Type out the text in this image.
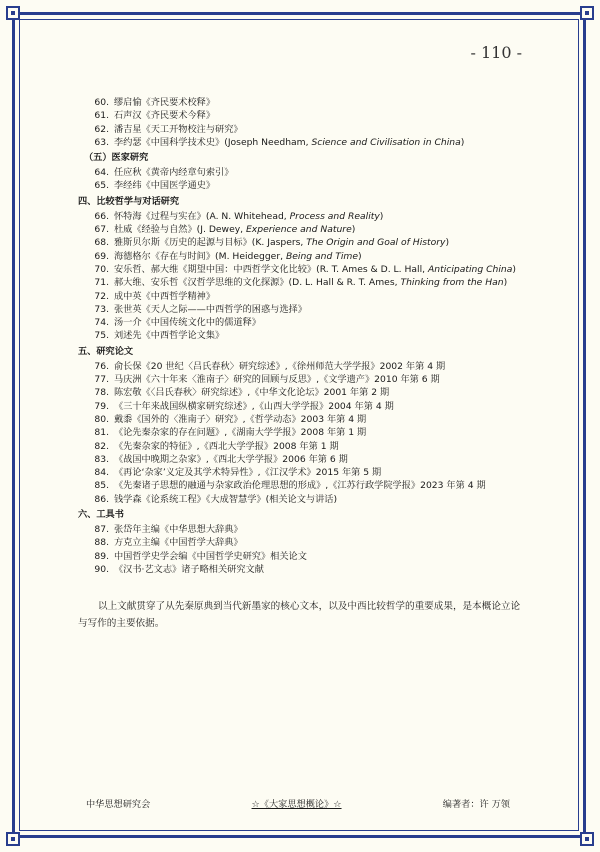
- 110 -
60. 缪启愉《齐民要术校释》
61. 石声汉《齐民要术今释》
62. 潘吉星《天工开物校注与研究》
63. 李约瑟《中国科学技术史》(Joseph Needham, Science and Civilisation in China)
（五）医家研究
64. 任应秋《黄帝内经章句索引》
65. 李经纬《中国医学通史》
四、比较哲学与对话研究
66. 怀特海《过程与实在》(A. N. Whitehead, Process and Reality)
67. 杜威《经验与自然》(J. Dewey, Experience and Nature)
68. 雅斯贝尔斯《历史的起源与目标》(K. Jaspers, The Origin and Goal of History)
69. 海德格尔《存在与时间》(M. Heidegger, Being and Time)
70. 安乐哲、郝大维《期望中国：中西哲学文化比较》(R. T. Ames & D. L. Hall, Anticipating China)
71. 郝大维、安乐哲《汉哲学思维的文化探源》(D. L. Hall & R. T. Ames, Thinking from the Han)
72. 成中英《中西哲学精神》
73. 张世英《天人之际——中西哲学的困惑与选择》
74. 汤一介《中国传统文化中的儒道释》
75. 刘述先《中西哲学论文集》
五、研究论文
76. 俞长保《20 世纪〈吕氏春秋〉研究综述》,《徐州师范大学学报》2002 年第 4 期
77. 马庆洲《六十年来〈淮南子〉研究的回顾与反思》,《文学遗产》2010 年第 6 期
78. 陈宏敬《〈吕氏春秋〉研究综述》,《中华文化论坛》2001 年第 2 期
79. 《三十年来战国纵横家研究综述》,《山西大学学报》2004 年第 4 期
80. 戴黍《国外的〈淮南子〉研究》,《哲学动态》2003 年第 4 期
81. 《论先秦杂家的存在问题》,《湖南大学学报》2008 年第 1 期
82. 《先秦杂家的特征》,《西北大学学报》2008 年第 1 期
83. 《战国中晚期之杂家》,《西北大学学报》2006 年第 6 期
84. 《再论‘杂家’义定及其学术特异性》,《江汉学术》2015 年第 5 期
85. 《先秦诸子思想的融通与杂家政治伦理思想的形成》,《江苏行政学院学报》2023 年第 4 期
86. 钱学森《论系统工程》《大成智慧学》(相关论文与讲话)
六、工具书
87. 张岱年主编《中华思想大辞典》
88. 方克立主编《中国哲学大辞典》
89. 中国哲学史学会编《中国哲学史研究》相关论文
90. 《汉书·艺文志》诸子略相关研究文献
以上文献贯穿了从先秦原典到当代新墨家的核心文本，以及中西比较哲学的重要成果，是本概论立论与写作的主要依据。
中华思想研究会	☆《大家思想概论》☆	编著者：许 万领
